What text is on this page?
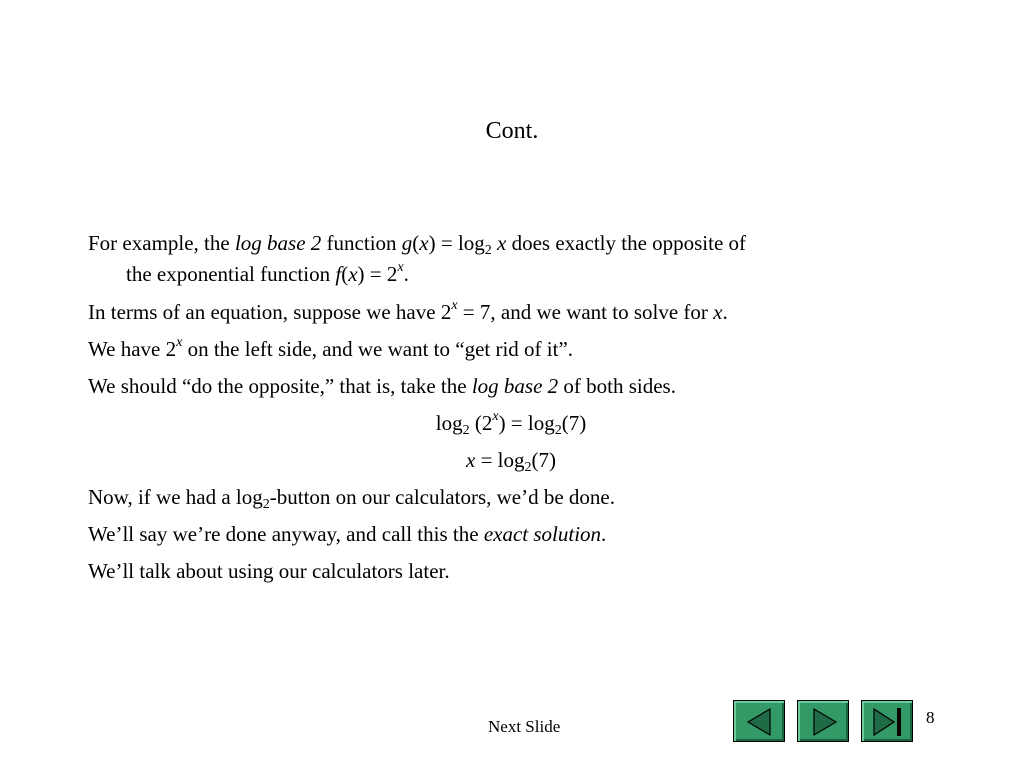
Cont.
For example, the log base 2 function $g(x) = \log_2 x$ does exactly the opposite of
the exponential function $f(x) = 2^x$.
In terms of an equation, suppose we have $2^x = 7$, and we want to solve for x.
We have 2$^x$ on the left side, and we want to “get rid of it”.
We should “do the opposite,” that is, take the log base 2 of both sides.
$\log_2 (2^x) = \log_2(7)$
$x = \log_2(7)$
Now, if we had a $\log_2$-button on our calculators, we’d be done.
We’ll say we’re done anyway, and call this the exact solution.
We’ll talk about using our calculators later.
Next Slide	8
